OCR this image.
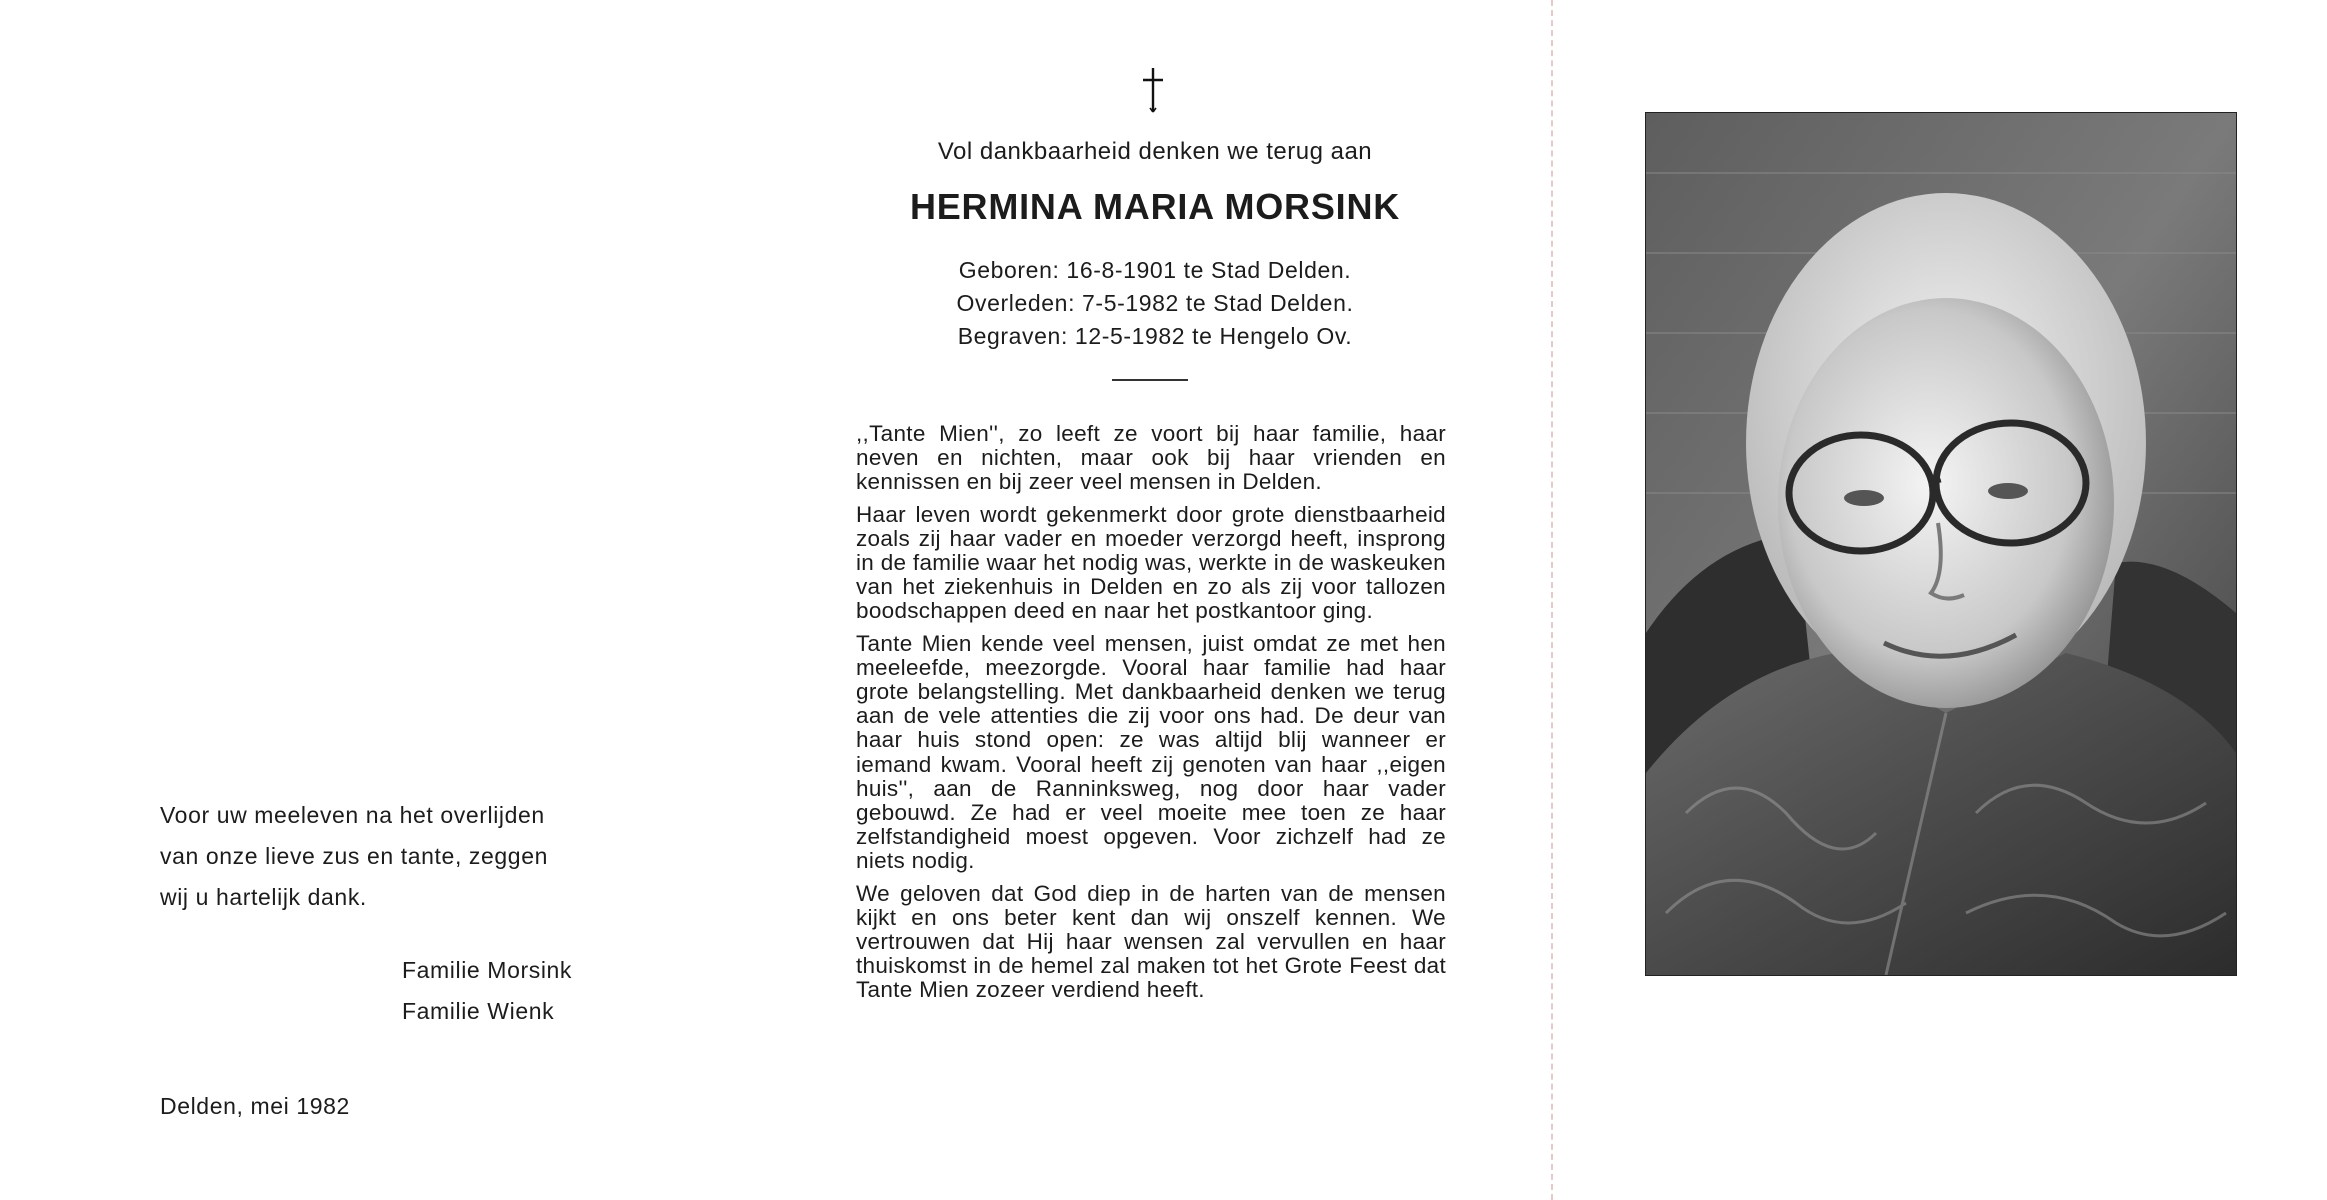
Voor uw meeleven na het overlijden

van onze lieve zus en tante, zeggen

wij u hartelijk dank.

Familie Morsink

Familie Wienk

Delden, mei 1982
Vol dankbaarheid denken we terug aan
HERMINA MARIA MORSINK

Geboren: 16-8-1901 te Stad Delden.

Overleden: 7-5-1982 te Stad Delden.

Begraven: 12-5-1982 te Hengelo Ov.

,,Tante Mien'', zo leeft ze voort bij haar familie, haar neven en nichten, maar ook bij haar vrienden en kennissen en bij zeer veel mensen in Delden.

Haar leven wordt gekenmerkt door grote dienstbaarheid zoals zij haar vader en moeder verzorgd heeft, insprong in de familie waar het nodig was, werkte in de waskeuken van het ziekenhuis in Delden en zo als zij voor tallozen boodschappen deed en naar het postkantoor ging.

Tante Mien kende veel mensen, juist omdat ze met hen meeleefde, meezorgde. Vooral haar familie had haar grote belangstelling. Met dankbaarheid denken we terug aan de vele attenties die zij voor ons had. De deur van haar huis stond open: ze was altijd blij wanneer er iemand kwam. Vooral heeft zij genoten van haar ,,eigen huis'', aan de Ranninksweg, nog door haar vader gebouwd. Ze had er veel moeite mee toen ze haar zelfstandigheid moest opgeven. Voor zichzelf had ze niets nodig.

We geloven dat God diep in de harten van de mensen kijkt en ons beter kent dan wij onszelf kennen. We vertrouwen dat Hij haar wensen zal vervullen en haar thuiskomst in de hemel zal maken tot het Grote Feest dat Tante Mien zozeer verdiend heeft.
